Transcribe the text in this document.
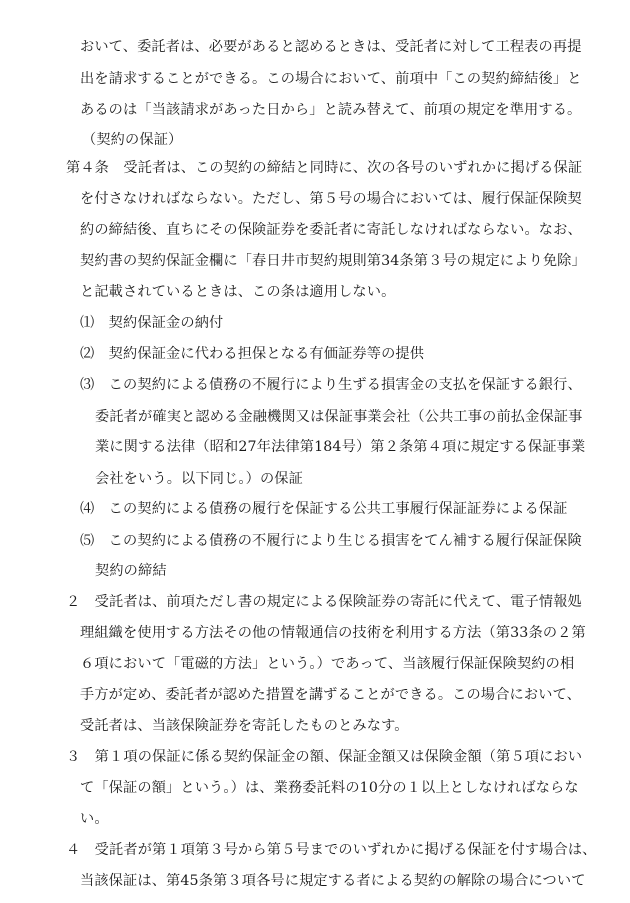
おいて、委託者は、必要があると認めるときは、受託者に対して工程表の再提
出を請求することができる。この場合において、前項中「この契約締結後」と
あるのは「当該請求があった日から」と読み替えて、前項の規定を準用する。
（契約の保証）
第４条　受託者は、この契約の締結と同時に、次の各号のいずれかに掲げる保証
を付さなければならない。ただし、第５号の場合においては、履行保証保険契
約の締結後、直ちにその保険証券を委託者に寄託しなければならない。なお、
契約書の契約保証金欄に「春日井市契約規則第34条第３号の規定により免除」
と記載されているときは、この条は適用しない。
⑴　契約保証金の納付
⑵　契約保証金に代わる担保となる有価証券等の提供
⑶　この契約による債務の不履行により生ずる損害金の支払を保証する銀行、
委託者が確実と認める金融機関又は保証事業会社（公共工事の前払金保証事
業に関する法律（昭和27年法律第184号）第２条第４項に規定する保証事業
会社をいう。以下同じ。）の保証
⑷　この契約による債務の履行を保証する公共工事履行保証証券による保証
⑸　この契約による債務の不履行により生じる損害をてん補する履行保証保険
契約の締結
２　受託者は、前項ただし書の規定による保険証券の寄託に代えて、電子情報処
理組織を使用する方法その他の情報通信の技術を利用する方法（第33条の２第
６項において「電磁的方法」という。）であって、当該履行保証保険契約の相
手方が定め、委託者が認めた措置を講ずることができる。この場合において、
受託者は、当該保険証券を寄託したものとみなす。
３　第１項の保証に係る契約保証金の額、保証金額又は保険金額（第５項におい
て「保証の額」という。）は、業務委託料の10分の１以上としなければならな
い。
４　受託者が第１項第３号から第５号までのいずれかに掲げる保証を付す場合は、
当該保証は、第45条第３項各号に規定する者による契約の解除の場合について
